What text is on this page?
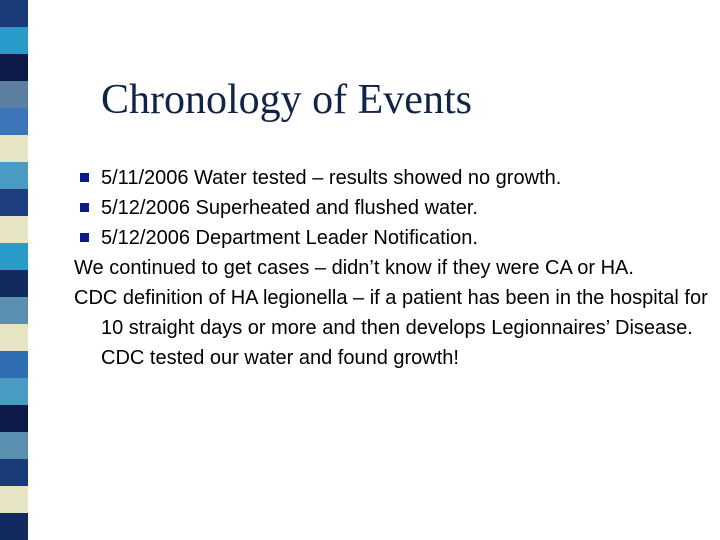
Chronology of Events
5/11/2006 Water tested – results showed no growth.
5/12/2006 Superheated and flushed water.
5/12/2006 Department Leader Notification.
We continued to get cases – didn’t know if they were CA or HA.
CDC definition of HA legionella – if a patient has been in the hospital for 10 straight days or more and then develops Legionnaires’ Disease. CDC tested our water and found growth!
